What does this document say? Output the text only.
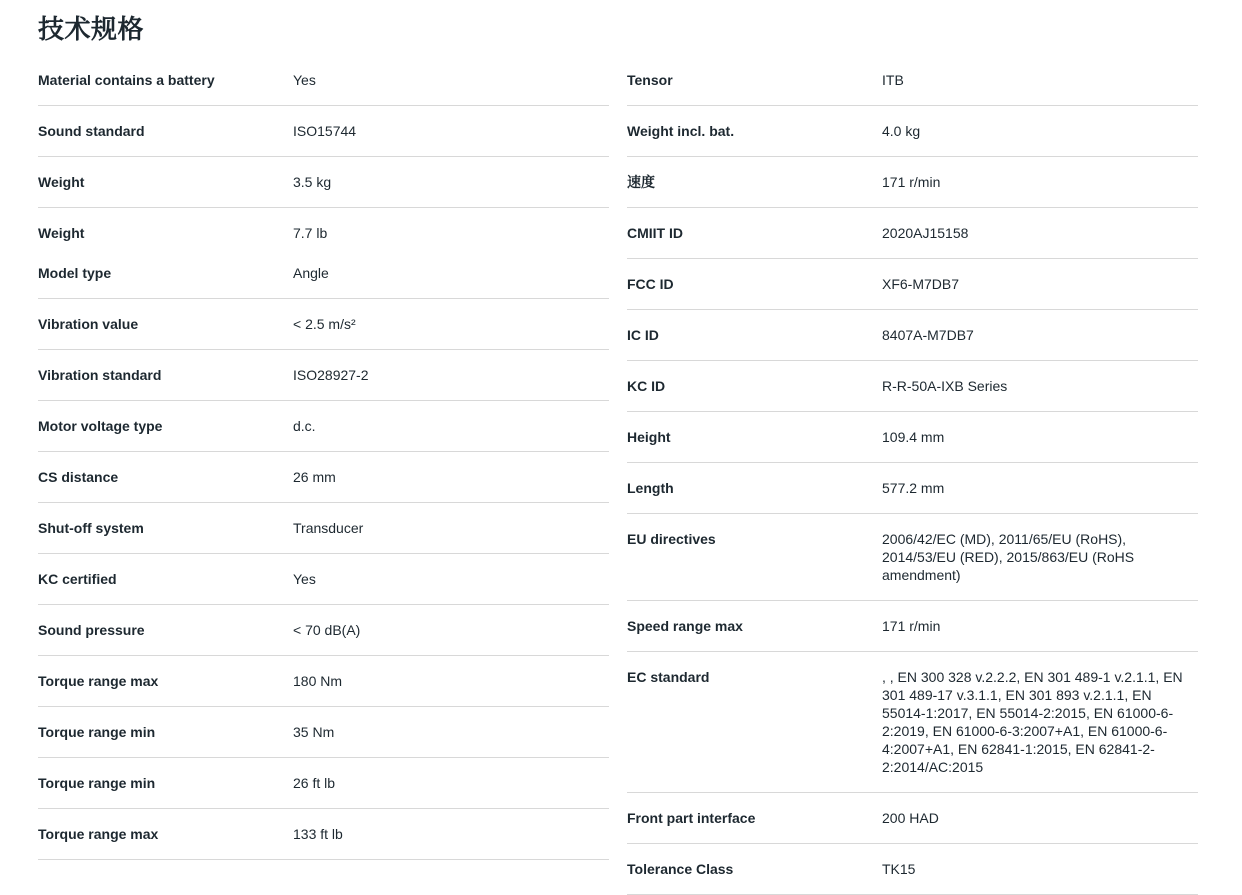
技术规格
Material contains a battery	Yes
Sound standard	ISO15744
Weight	3.5 kg
Weight	7.7 lb
Model type	Angle
Vibration value	< 2.5 m/s²
Vibration standard	ISO28927-2
Motor voltage type	d.c.
CS distance	26 mm
Shut-off system	Transducer
KC certified	Yes
Sound pressure	< 70 dB(A)
Torque range max	180 Nm
Torque range min	35 Nm
Torque range min	26 ft lb
Torque range max	133 ft lb
Tensor	ITB
Weight incl. bat.	4.0 kg
速度	171 r/min
CMIIT ID	2020AJ15158
FCC ID	XF6-M7DB7
IC ID	8407A-M7DB7
KC ID	R-R-50A-IXB Series
Height	109.4 mm
Length	577.2 mm
EU directives	2006/42/EC (MD), 2011/65/EU (RoHS), 2014/53/EU (RED), 2015/863/EU (RoHS amendment)
Speed range max	171 r/min
EC standard	, , EN 300 328 v.2.2.2, EN 301 489-1 v.2.1.1, EN 301 489-17 v.3.1.1, EN 301 893 v.2.1.1, EN 55014-1:2017, EN 55014-2:2015, EN 61000-6-2:2019, EN 61000-6-3:2007+A1, EN 61000-6-4:2007+A1, EN 62841-1:2015, EN 62841-2-2:2014/AC:2015
Front part interface	200 HAD
Tolerance Class	TK15
